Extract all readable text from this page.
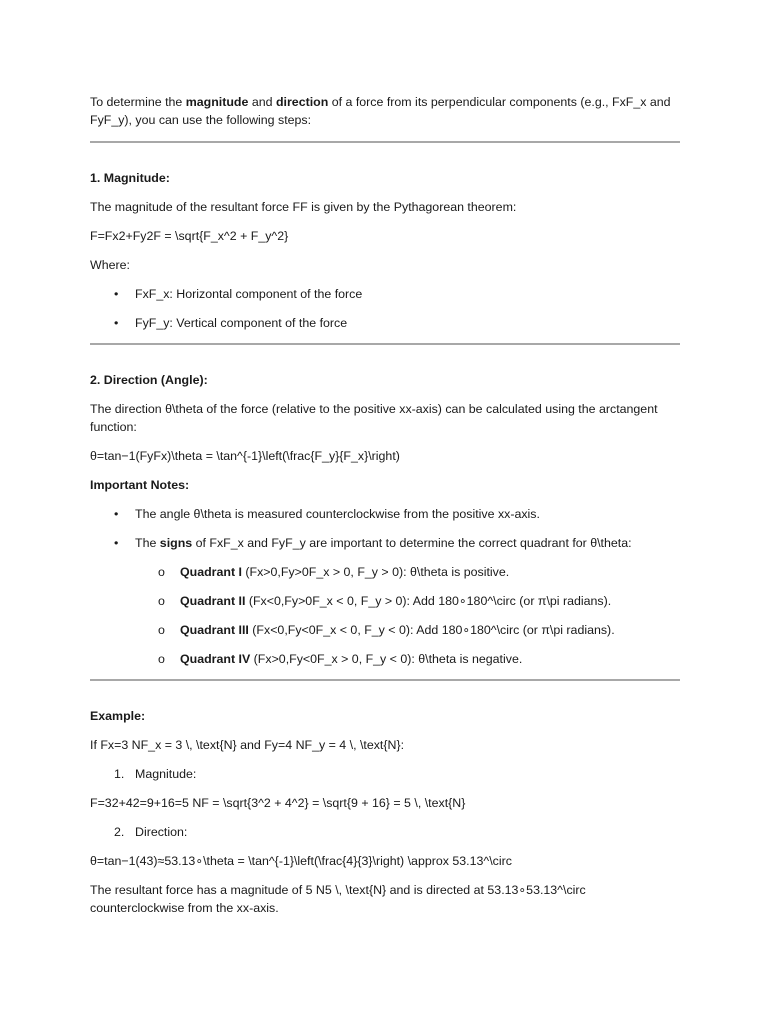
To determine the magnitude and direction of a force from its perpendicular components (e.g., FxF_x and FyF_y), you can use the following steps:

1. Magnitude:

The magnitude of the resultant force FF is given by the Pythagorean theorem:

F=Fx2+Fy2F = \sqrt{F_x^2 + F_y^2}

Where:

• FxF_x: Horizontal component of the force
• FyF_y: Vertical component of the force

2. Direction (Angle):

The direction θ\theta of the force (relative to the positive xx-axis) can be calculated using the arctangent function:

θ=tan−1(FyFx)\theta = \tan^{-1}\left(\frac{F_y}{F_x}\right)

Important Notes:

• The angle θ\theta is measured counterclockwise from the positive xx-axis.
• The signs of FxF_x and FyF_y are important to determine the correct quadrant for θ\theta:
o Quadrant I (Fx>0,Fy>0F_x > 0, F_y > 0): θ\theta is positive.
o Quadrant II (Fx<0,Fy>0F_x < 0, F_y > 0): Add 180∘180^\circ (or π\pi radians).
o Quadrant III (Fx<0,Fy<0F_x < 0, F_y < 0): Add 180∘180^\circ (or π\pi radians).
o Quadrant IV (Fx>0,Fy<0F_x > 0, F_y < 0): θ\theta is negative.

Example:

If Fx=3 NF_x = 3 \, \text{N} and Fy=4 NF_y = 4 \, \text{N}:

1. Magnitude:

F=32+42=9+16=5 NF = \sqrt{3^2 + 4^2} = \sqrt{9 + 16} = 5 \, \text{N}

2. Direction:

θ=tan−1(43)≈53.13∘\theta = \tan^{-1}\left(\frac{4}{3}\right) \approx 53.13^\circ

The resultant force has a magnitude of 5 N5 \, \text{N} and is directed at 53.13∘53.13^\circ counterclockwise from the xx-axis.
